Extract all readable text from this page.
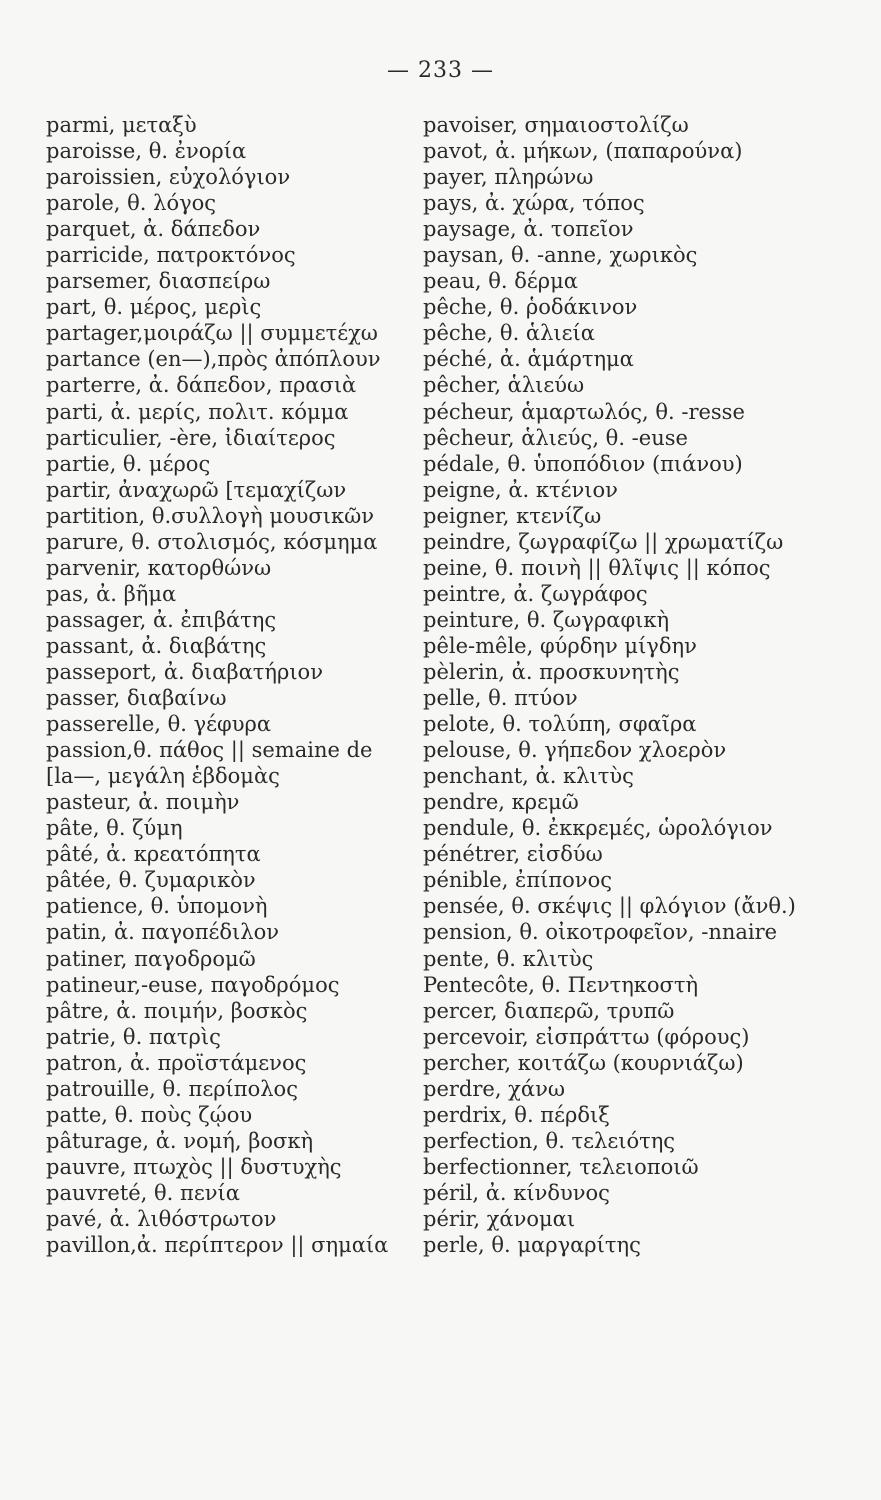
— 233 —
parmi, μεταξὺ
paroisse, θ. ἐνορία
paroissien, εὐχολόγιον
parole, θ. λόγος
parquet, ἀ. δάπεδον
parricide, πατροκτόνος
parsemer, διασπείρω
part, θ. μέρος, μερὶς
partager,μοιράζω || συμμετέχω
partance (en—),πρὸς ἀπόπλουν
parterre, ἀ. δάπεδον, πρασιὰ
parti, ἀ. μερίς, πολιτ. κόμμα
particulier, -ère, ἰδιαίτερος
partie, θ. μέρος
partir, ἀναχωρῶ [τεμαχίζων
partition, θ.συλλογὴ μουσικῶν
parure, θ. στολισμός, κόσμημα
parvenir, κατορθώνω
pas, ἀ. βῆμα
passager, ἀ. ἐπιβάτης
passant, ἀ. διαβάτης
passeport, ἀ. διαβατήριον
passer, διαβαίνω
passerelle, θ. γέφυρα
passion,θ. πάθος || semaine de
[la—, μεγάλη ἑβδομὰς
pasteur, ἀ. ποιμὴν
pâte, θ. ζύμη
pâté, ἀ. κρεατόπητα
pâtée, θ. ζυμαρικὸν
patience, θ. ὑπομονὴ
patin, ἀ. παγοπέδιλον
patiner, παγοδρομῶ
patineur,-euse, παγοδρόμος
pâtre, ἀ. ποιμήν, βοσκὸς
patrie, θ. πατρὶς
patron, ἀ. προϊστάμενος
patrouille, θ. περίπολος
patte, θ. ποὺς ζῴου
pâturage, ἀ. νομή, βοσκὴ
pauvre, πτωχὸς || δυστυχὴς
pauvreté, θ. πενία
pavé, ἀ. λιθόστρωτον
pavillon,ἀ. περίπτερον || σημαία
pavoiser, σημαιοστολίζω
pavot, ἀ. μήκων, (παπαρούνα)
payer, πληρώνω
pays, ἀ. χώρα, τόπος
paysage, ἀ. τοπεῖον
paysan, θ. -anne, χωρικὸς
peau, θ. δέρμα
pêche, θ. ῥοδάκινον
pêche, θ. ἁλιεία
péché, ἀ. ἁμάρτημα
pêcher, ἁλιεύω
pécheur, ἁμαρτωλός, θ. -resse
pêcheur, ἁλιεύς, θ. -euse
pédale, θ. ὑποπόδιον (πιάνου)
peigne, ἀ. κτένιον
peigner, κτενίζω
peindre, ζωγραφίζω || χρωματίζω
peine, θ. ποινὴ || θλῖψις || κόπος
peintre, ἀ. ζωγράφος
peinture, θ. ζωγραφικὴ
pêle-mêle, φύρδην μίγδην
pèlerin, ἀ. προσκυνητὴς
pelle, θ. πτύον
pelote, θ. τολύπη, σφαῖρα
pelouse, θ. γήπεδον χλοερὸν
penchant, ἀ. κλιτὺς
pendre, κρεμῶ
pendule, θ. ἐκκρεμές, ὡρολόγιον
pénétrer, εἰσδύω
pénible, ἐπίπονος
pensée, θ. σκέψις || φλόγιον (ἄνθ.)
pension, θ. οἰκοτροφεῖον, -nnaire
pente, θ. κλιτὺς
Pentecôte, θ. Πεντηκοστὴ
percer, διαπερῶ, τρυπῶ
percevoir, εἰσπράττω (φόρους)
percher, κοιτάζω (κουρνιάζω)
perdre, χάνω
perdrix, θ. πέρδιξ
perfection, θ. τελειότης
berfectionner, τελειοποιῶ
péril, ἀ. κίνδυνος
périr, χάνομαι
perle, θ. μαργαρίτης
